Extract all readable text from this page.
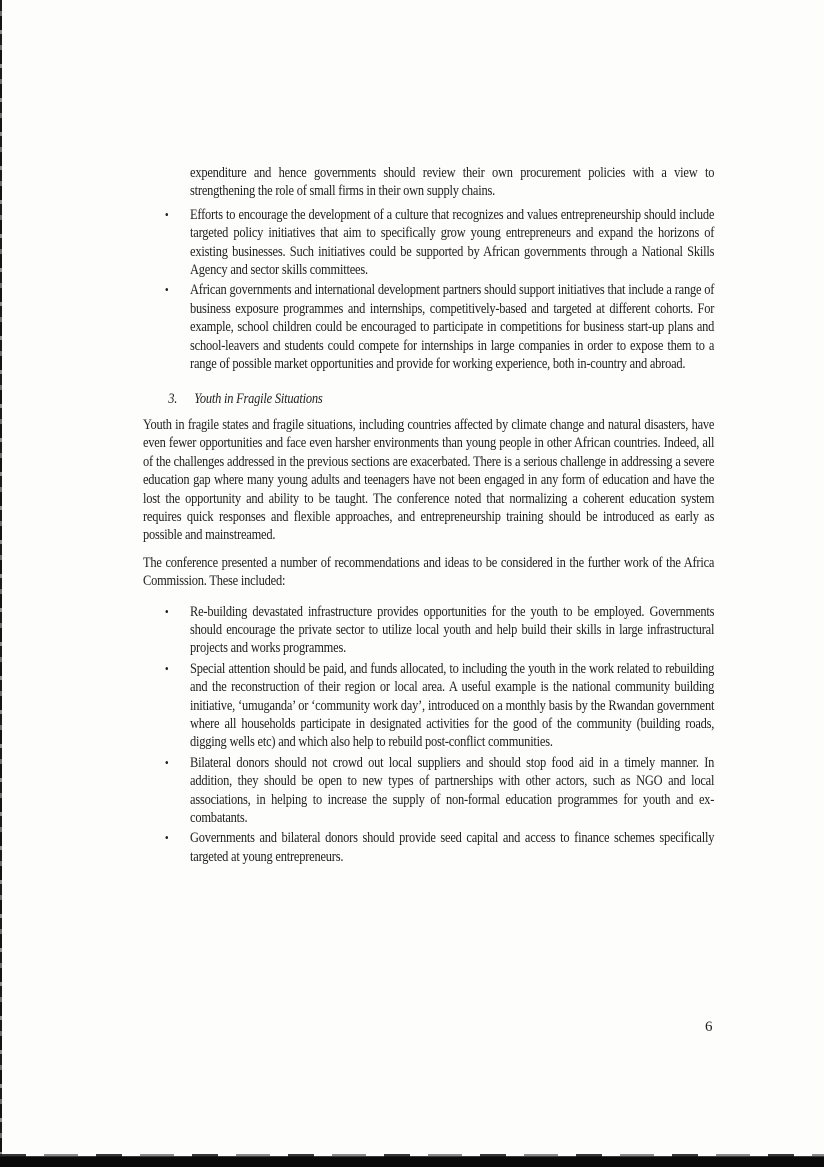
expenditure and hence governments should review their own procurement policies with a view to strengthening the role of small firms in their own supply chains.

• Efforts to encourage the development of a culture that recognizes and values entrepreneurship should include targeted policy initiatives that aim to specifically grow young entrepreneurs and expand the horizons of existing businesses. Such initiatives could be supported by African governments through a National Skills Agency and sector skills committees.
• African governments and international development partners should support initiatives that include a range of business exposure programmes and internships, competitively-based and targeted at different cohorts. For example, school children could be encouraged to participate in competitions for business start-up plans and school-leavers and students could compete for internships in large companies in order to expose them to a range of possible market opportunities and provide for working experience, both in-country and abroad.
3. Youth in Fragile Situations

Youth in fragile states and fragile situations, including countries affected by climate change and natural disasters, have even fewer opportunities and face even harsher environments than young people in other African countries. Indeed, all of the challenges addressed in the previous sections are exacerbated. There is a serious challenge in addressing a severe education gap where many young adults and teenagers have not been engaged in any form of education and have the lost the opportunity and ability to be taught. The conference noted that normalizing a coherent education system requires quick responses and flexible approaches, and entrepreneurship training should be introduced as early as possible and mainstreamed.

The conference presented a number of recommendations and ideas to be considered in the further work of the Africa Commission. These included:

• Re-building devastated infrastructure provides opportunities for the youth to be employed. Governments should encourage the private sector to utilize local youth and help build their skills in large infrastructural projects and works programmes.
• Special attention should be paid, and funds allocated, to including the youth in the work related to rebuilding and the reconstruction of their region or local area. A useful example is the national community building initiative, ‘umuganda’ or ‘community work day’, introduced on a monthly basis by the Rwandan government where all households participate in designated activities for the good of the community (building roads, digging wells etc) and which also help to rebuild post-conflict communities.
• Bilateral donors should not crowd out local suppliers and should stop food aid in a timely manner. In addition, they should be open to new types of partnerships with other actors, such as NGO and local associations, in helping to increase the supply of non-formal education programmes for youth and ex-combatants.
• Governments and bilateral donors should provide seed capital and access to finance schemes specifically targeted at young entrepreneurs.
6
